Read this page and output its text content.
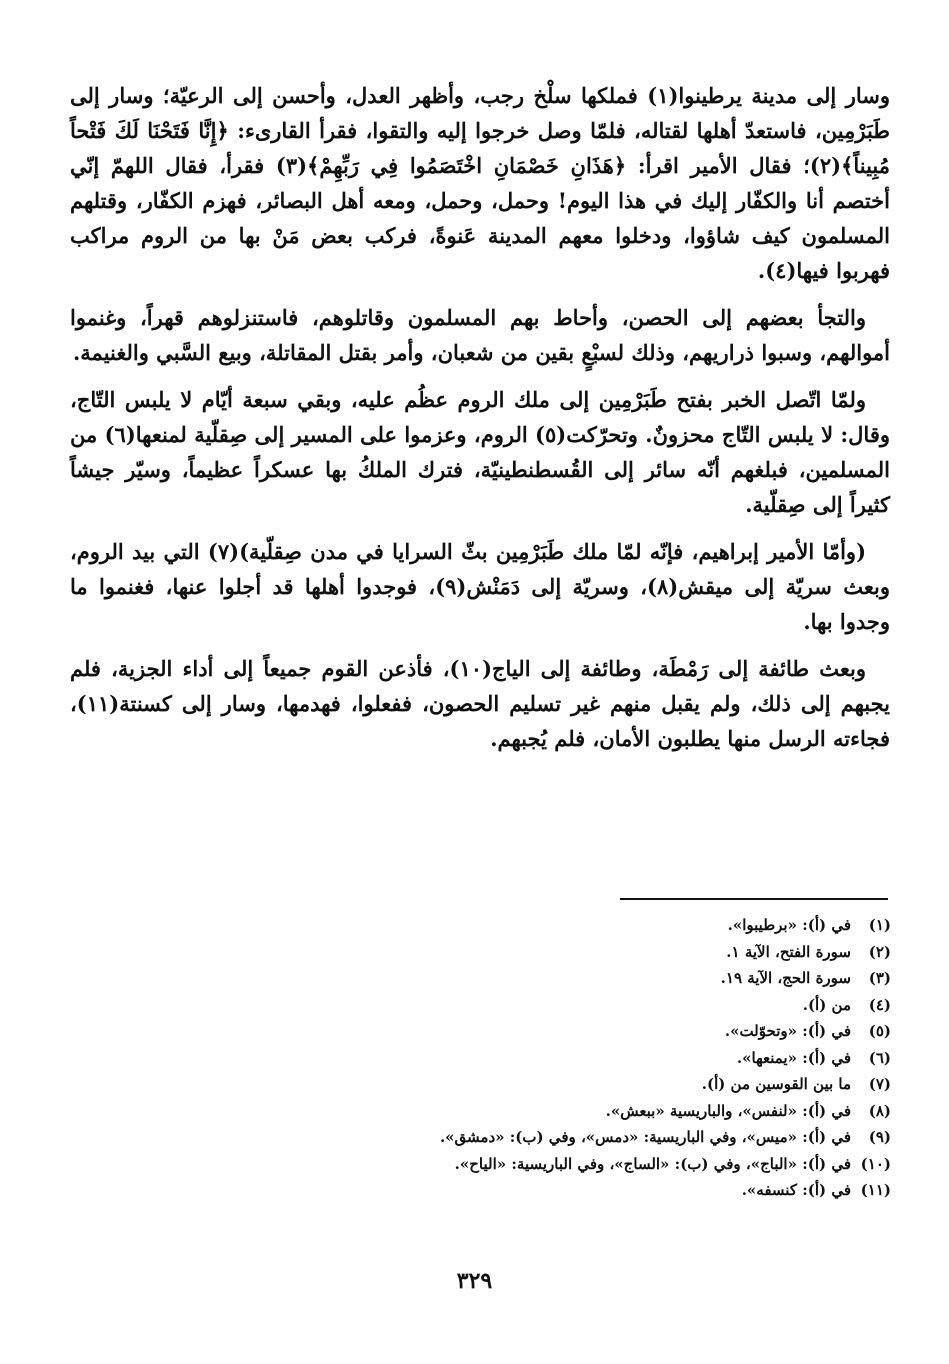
وسار إلى مدينة يرطينوا(١) فملكها سلْخ رجب، وأظهر العدل، وأحسن إلى الرعيّة؛ وسار إلى طَبَرْمِين، فاستعدّ أهلها لقتاله، فلمّا وصل خرجوا إليه والتقوا، فقرأ القارىء: ﴿إِنَّا فَتَحْنَا لَكَ فَتْحاً مُبِيناً﴾(٢)؛ فقال الأمير اقرأ: ﴿هَذَانِ خَصْمَانِ اخْتَصَمُوا فِي رَبِّهِمْ﴾(٣) فقرأ، فقال اللهمّ إنّي أختصم أنا والكفّار إليك في هذا اليوم! وحمل، وحمل، ومعه أهل البصائر، فهزم الكفّار، وقتلهم المسلمون كيف شاؤوا، ودخلوا معهم المدينة عَنوةً، فركب بعض مَنْ بها من الروم مراكب فهربوا فيها(٤).

والتجأ بعضهم إلى الحصن، وأحاط بهم المسلمون وقاتلوهم، فاستنزلوهم قهراً، وغنموا أموالهم، وسبوا ذراريهم، وذلك لسبْعٍ بقين من شعبان، وأمر بقتل المقاتلة، وبيع السَّبي والغنيمة.

ولمّا اتّصل الخبر بفتح طَبَرْمِين إلى ملك الروم عظُم عليه، وبقي سبعة أيّام لا يلبس التّاج، وقال: لا يلبس التّاج محزونٌ. وتحرّكت(٥) الروم، وعزموا على المسير إلى صِقلّية لمنعها(٦) من المسلمين، فبلغهم أنّه سائر إلى القُسطنطينيّة، فترك الملكُ بها عسكراً عظيماً، وسيّر جيشاً كثيراً إلى صِقلّية.

(وأمّا الأمير إبراهيم، فإنّه لمّا ملك طَبَرْمِين بثّ السرايا في مدن صِقلّية)(٧) التي بيد الروم، وبعث سريّة إلى ميقش(٨)، وسريّة إلى دَمَنْش(٩)، فوجدوا أهلها قد أجلوا عنها، فغنموا ما وجدوا بها.

وبعث طائفة إلى رَمْطَة، وطائفة إلى الياج(١٠)، فأذعن القوم جميعاً إلى أداء الجزية، فلم يجبهم إلى ذلك، ولم يقبل منهم غير تسليم الحصون، ففعلوا، فهدمها، وسار إلى كسنتة(١١)، فجاءته الرسل منها يطلبون الأمان، فلم يُجبهم.

(١)في (أ): «برطيبوا».
(٢)سورة الفتح، الآية ١.
(٣)سورة الحج، الآية ١٩.
(٤)من (أ).
(٥)في (أ): «وتحوّلت».
(٦)في (أ): «يمنعها».
(٧)ما بين القوسين من (أ).
(٨)في (أ): «لنفس»، والباريسية «ببعش».
(٩)في (أ): «ميس»، وفي الباريسية: «دمس»، وفي (ب): «دمشق».
(١٠)في (أ): «الباج»، وفي (ب): «الساج»، وفي الباريسية: «الياح».
(١١)في (أ): كنسفه».
٣٢٩
